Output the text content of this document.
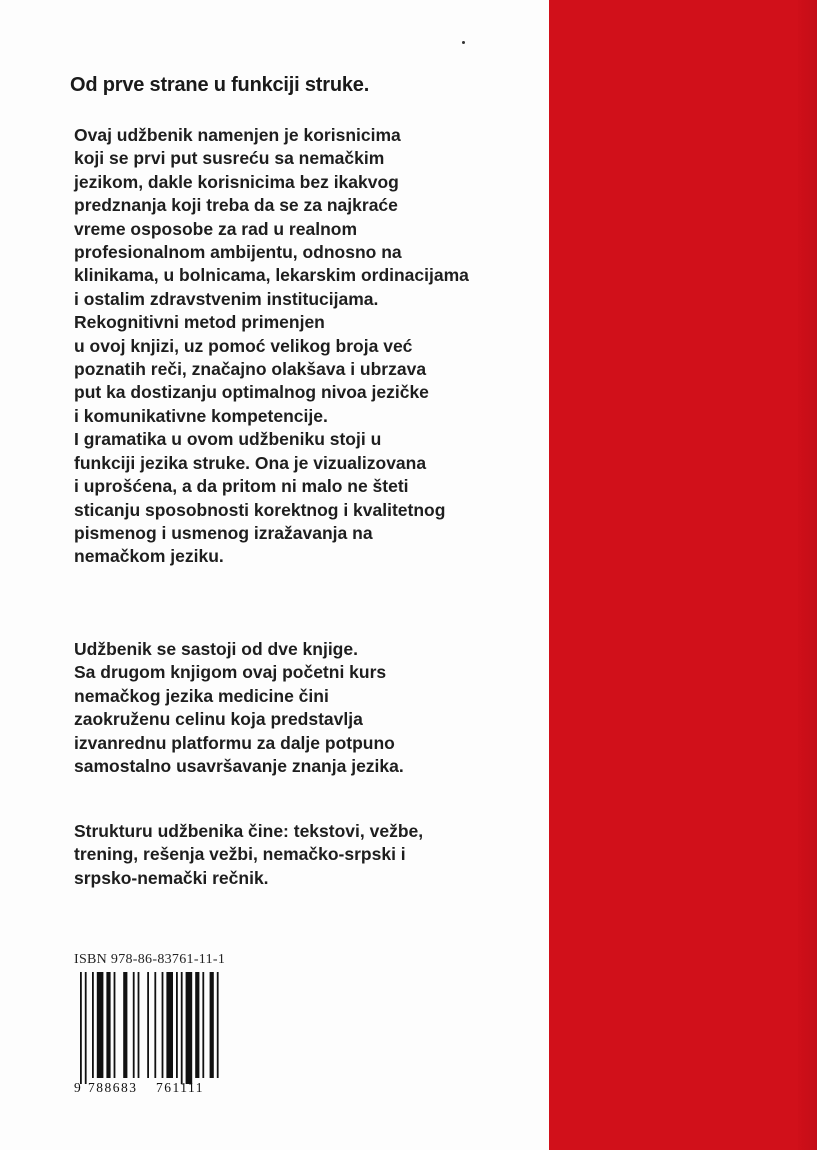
Od prve strane u funkciji struke.

Ovaj udžbenik namenjen je korisnicima
koji se prvi put susreću sa nemačkim
jezikom, dakle korisnicima bez ikakvog
predznanja koji treba da se za najkraće
vreme osposobe za rad u realnom
profesionalnom ambijentu, odnosno na
klinikama, u bolnicama, lekarskim ordinacijama
i ostalim zdravstvenim institucijama.
Rekognitivni metod primenjen
u ovoj knjizi, uz pomoć velikog broja već
poznatih reči, značajno olakšava i ubrzava
put ka dostizanju optimalnog nivoa jezičke
i komunikativne kompetencije.
I gramatika u ovom udžbeniku stoji u
funkciji jezika struke. Ona je vizualizovana
i uprošćena, a da pritom ni malo ne šteti
sticanju sposobnosti korektnog i kvalitetnog
pismenog i usmenog izražavanja na
nemačkom jeziku.

Udžbenik se sastoji od dve knjige.
Sa drugom knjigom ovaj početni kurs
nemačkog jezika medicine čini
zaokruženu celinu koja predstavlja
izvanrednu platformu za dalje potpuno
samostalno usavršavanje znanja jezika.

Strukturu udžbenika čine: tekstovi, vežbe,
trening, rešenja vežbi, nemačko-srpski i
srpsko-nemački rečnik.

ISBN 978-86-83761-11-1
9 788683	761111
